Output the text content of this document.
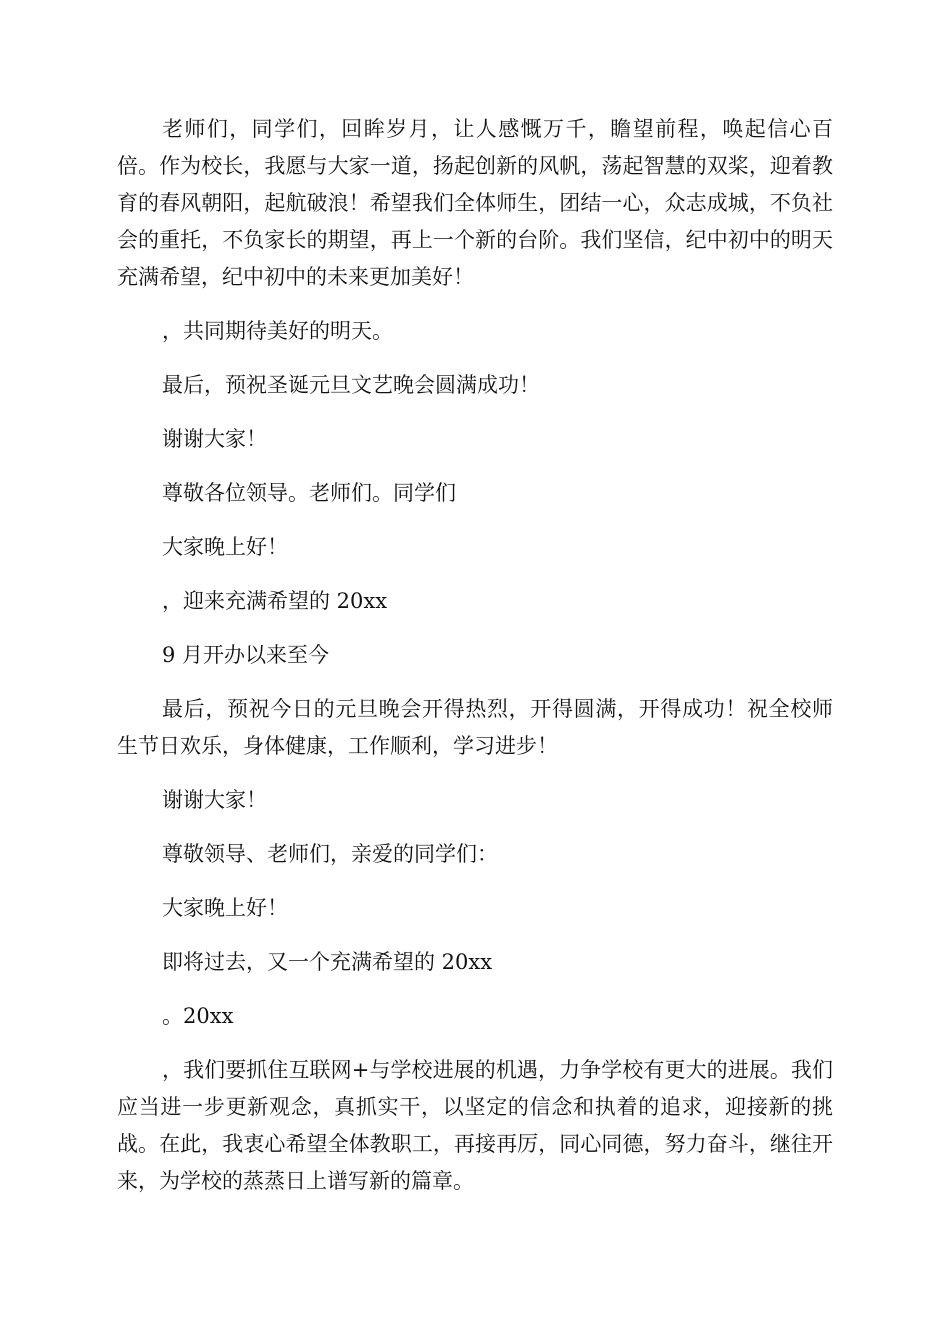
老师们，同学们，回眸岁月，让人感慨万千，瞻望前程，唤起信心百倍。作为校长，我愿与大家一道，扬起创新的风帆，荡起智慧的双桨，迎着教育的春风朝阳，起航破浪！希望我们全体师生，团结一心，众志成城，不负社会的重托，不负家长的期望，再上一个新的台阶。我们坚信，纪中初中的明天充满希望，纪中初中的未来更加美好！

，共同期待美好的明天。

最后，预祝圣诞元旦文艺晚会圆满成功！

谢谢大家！

尊敬各位领导。老师们。同学们

大家晚上好！

，迎来充满希望的 20xx

9 月开办以来至今

最后，预祝今日的元旦晚会开得热烈，开得圆满，开得成功！祝全校师生节日欢乐，身体健康，工作顺利，学习进步！

谢谢大家！

尊敬领导、老师们，亲爱的同学们：

大家晚上好！

即将过去，又一个充满希望的 20xx

。20xx

，我们要抓住互联网+与学校进展的机遇，力争学校有更大的进展。我们应当进一步更新观念，真抓实干，以坚定的信念和执着的追求，迎接新的挑战。在此，我衷心希望全体教职工，再接再厉，同心同德，努力奋斗，继往开来，为学校的蒸蒸日上谱写新的篇章。
